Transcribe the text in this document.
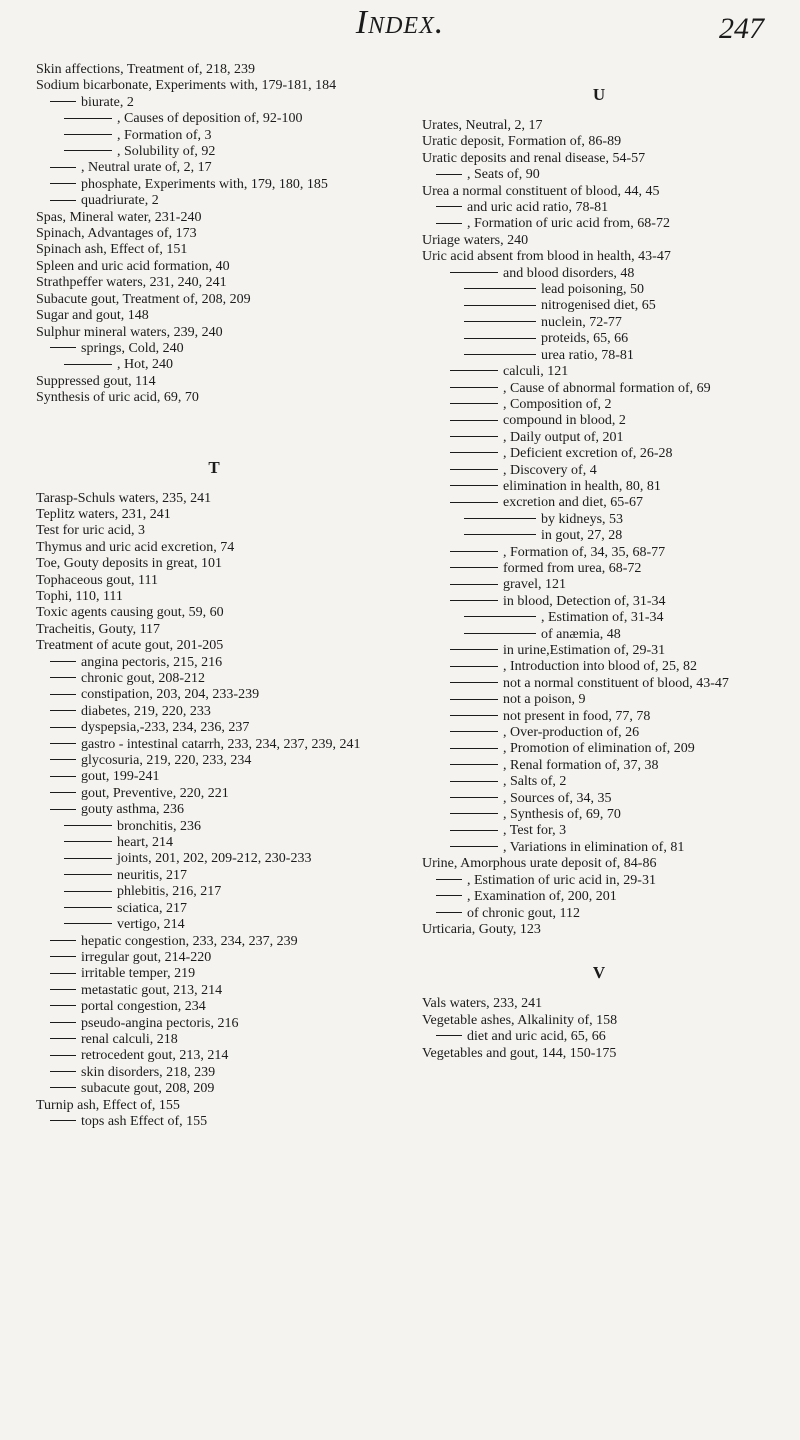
Index.	247
Skin affections, Treatment of, 218, 239
Sodium bicarbonate, Experiments with, 179-181, 184
biurate, 2
, Causes of deposition of, 92-100
, Formation of, 3
, Solubility of, 92
, Neutral urate of, 2, 17
phosphate, Experiments with, 179, 180, 185
quadriurate, 2
Spas, Mineral water, 231-240
Spinach, Advantages of, 173
Spinach ash, Effect of, 151
Spleen and uric acid formation, 40
Strathpeffer waters, 231, 240, 241
Subacute gout, Treatment of, 208, 209
Sugar and gout, 148
Sulphur mineral waters, 239, 240
springs, Cold, 240
, Hot, 240
Suppressed gout, 114
Synthesis of uric acid, 69, 70
T
Tarasp-Schuls waters, 235, 241
Teplitz waters, 231, 241
Test for uric acid, 3
Thymus and uric acid excretion, 74
Toe, Gouty deposits in great, 101
Tophaceous gout, 111
Tophi, 110, 111
Toxic agents causing gout, 59, 60
Tracheitis, Gouty, 117
Treatment of acute gout, 201-205
angina pectoris, 215, 216
chronic gout, 208-212
constipation, 203, 204, 233-239
diabetes, 219, 220, 233
dyspepsia,-233, 234, 236, 237
gastro - intestinal catarrh, 233, 234, 237, 239, 241
glycosuria, 219, 220, 233, 234
gout, 199-241
gout, Preventive, 220, 221
gouty asthma, 236
bronchitis, 236
heart, 214
joints, 201, 202, 209-212, 230-233
neuritis, 217
phlebitis, 216, 217
sciatica, 217
vertigo, 214
hepatic congestion, 233, 234, 237, 239
irregular gout, 214-220
irritable temper, 219
metastatic gout, 213, 214
portal congestion, 234
pseudo-angina pectoris, 216
renal calculi, 218
retrocedent gout, 213, 214
skin disorders, 218, 239
subacute gout, 208, 209
Turnip ash, Effect of, 155
tops ash Effect of, 155
U
Urates, Neutral, 2, 17
Uratic deposit, Formation of, 86-89
Uratic deposits and renal disease, 54-57
, Seats of, 90
Urea a normal constituent of blood, 44, 45
and uric acid ratio, 78-81
, Formation of uric acid from, 68-72
Uriage waters, 240
Uric acid absent from blood in health, 43-47
and blood disorders, 48
lead poisoning, 50
nitrogenised diet, 65
nuclein, 72-77
proteids, 65, 66
urea ratio, 78-81
calculi, 121
, Cause of abnormal formation of, 69
, Composition of, 2
compound in blood, 2
, Daily output of, 201
, Deficient excretion of, 26-28
, Discovery of, 4
elimination in health, 80, 81
excretion and diet, 65-67
by kidneys, 53
in gout, 27, 28
, Formation of, 34, 35, 68-77
formed from urea, 68-72
gravel, 121
in blood, Detection of, 31-34
, Estimation of, 31-34
of anæmia, 48
in urine,Estimation of, 29-31
, Introduction into blood of, 25, 82
not a normal constituent of blood, 43-47
not a poison, 9
not present in food, 77, 78
, Over-production of, 26
, Promotion of elimination of, 209
, Renal formation of, 37, 38
, Salts of, 2
, Sources of, 34, 35
, Synthesis of, 69, 70
, Test for, 3
, Variations in elimination of, 81
Urine, Amorphous urate deposit of, 84-86
, Estimation of uric acid in, 29-31
, Examination of, 200, 201
of chronic gout, 112
Urticaria, Gouty, 123
V
Vals waters, 233, 241
Vegetable ashes, Alkalinity of, 158
diet and uric acid, 65, 66
Vegetables and gout, 144, 150-175
